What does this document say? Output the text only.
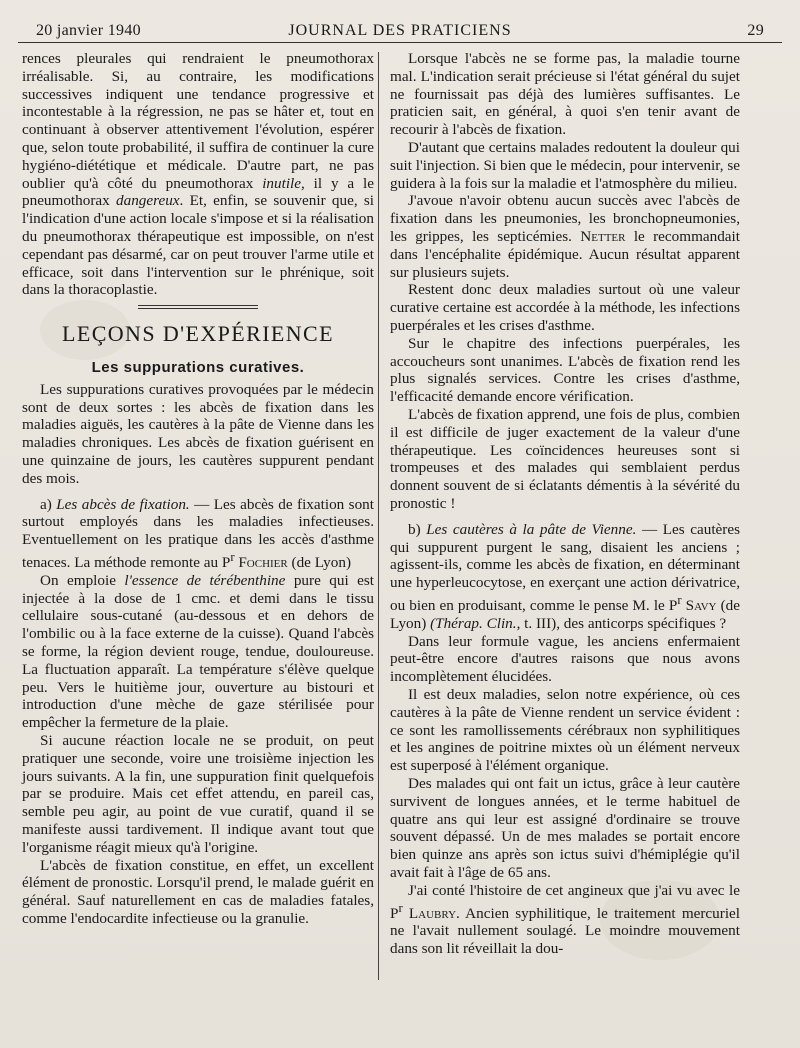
20 janvier 1940	JOURNAL DES PRATICIENS	29

rences pleurales qui rendraient le pneumothorax irréalisable. Si, au contraire, les modifications successives indiquent une tendance progressive et incontestable à la régression, ne pas se hâter et, tout en continuant à observer attentivement l'évolution, espérer que, selon toute probabilité, il suffira de continuer la cure hygiéno-diététique et médicale. D'autre part, ne pas oublier qu'à côté du pneumothorax inutile, il y a le pneumothorax dangereux. Et, enfin, se souvenir que, si l'indication d'une action locale s'impose et si la réalisation du pneumothorax thérapeutique est impossible, on n'est cependant pas désarmé, car on peut trouver l'arme utile et efficace, soit dans l'intervention sur le phrénique, soit dans la thoracoplastie.

LEÇONS D'EXPÉRIENCE
Les suppurations curatives.

Les suppurations curatives provoquées par le médecin sont de deux sortes : les abcès de fixation dans les maladies aiguës, les cautères à la pâte de Vienne dans les maladies chroniques. Les abcès de fixation guérisent en une quinzaine de jours, les cautères suppurent pendant des mois.

a) Les abcès de fixation. — Les abcès de fixation sont surtout employés dans les maladies infectieuses. Eventuellement on les pratique dans les accès d'asthme tenaces. La méthode remonte au $P^r$ Fochier (de Lyon)

On emploie l'essence de térébenthine pure qui est injectée à la dose de 1 cmc. et demi dans le tissu cellulaire sous-cutané (au-dessous et en dehors de l'ombilic ou à la face externe de la cuisse). Quand l'abcès se forme, la région devient rouge, tendue, douloureuse. La fluctuation apparaît. La température s'élève quelque peu. Vers le huitième jour, ouverture au bistouri et introduction d'une mèche de gaze stérilisée pour empêcher la fermeture de la plaie.

Si aucune réaction locale ne se produit, on peut pratiquer une seconde, voire une troisième injection les jours suivants. A la fin, une suppuration finit quelquefois par se produire. Mais cet effet attendu, en pareil cas, semble peu agir, au point de vue curatif, quand il se manifeste aussi tardivement. Il indique avant tout que l'organisme réagit mieux qu'à l'origine.

L'abcès de fixation constitue, en effet, un excellent élément de pronostic. Lorsqu'il prend, le malade guérit en général. Sauf naturellement en cas de maladies fatales, comme l'endocardite infectieuse ou la granulie.

Lorsque l'abcès ne se forme pas, la maladie tourne mal. L'indication serait précieuse si l'état général du sujet ne fournissait pas déjà des lumières suffisantes. Le praticien sait, en général, à quoi s'en tenir avant de recourir à l'abcès de fixation.

D'autant que certains malades redoutent la douleur qui suit l'injection. Si bien que le médecin, pour intervenir, se guidera à la fois sur la maladie et l'atmosphère du milieu.

J'avoue n'avoir obtenu aucun succès avec l'abcès de fixation dans les pneumonies, les bronchopneumonies, les grippes, les septicémies. Netter le recommandait dans l'encéphalite épidémique. Aucun résultat apparent sur plusieurs sujets.

Restent donc deux maladies surtout où une valeur curative certaine est accordée à la méthode, les infections puerpérales et les crises d'asthme.

Sur le chapitre des infections puerpérales, les accoucheurs sont unanimes. L'abcès de fixation rend les plus signalés services. Contre les crises d'asthme, l'efficacité demande encore vérification.

L'abcès de fixation apprend, une fois de plus, combien il est difficile de juger exactement de la valeur d'une thérapeutique. Les coïncidences heureuses sont si trompeuses et des malades qui semblaient perdus donnent souvent de si éclatants démentis à la sévérité du pronostic !

b) Les cautères à la pâte de Vienne. — Les cautères qui suppurent purgent le sang, disaient les anciens ; agissent-ils, comme les abcès de fixation, en déterminant une hyperleucocytose, en exerçant une action dérivatrice, ou bien en produisant, comme le pense M. le $P^r$ Savy (de Lyon) (Thérap. Clin., t. III), des anticorps spécifiques ?

Dans leur formule vague, les anciens enfermaient peut-être encore d'autres raisons que nous avons incomplètement élucidées.

Il est deux maladies, selon notre expérience, où ces cautères à la pâte de Vienne rendent un service évident : ce sont les ramollissements cérébraux non syphilitiques et les angines de poitrine mixtes où un élément nerveux est superposé à l'élément organique.

Des malades qui ont fait un ictus, grâce à leur cautère survivent de longues années, et le terme habituel de quatre ans qui leur est assigné d'ordinaire se trouve souvent dépassé. Un de mes malades se portait encore bien quinze ans après son ictus suivi d'hémiplégie qu'il avait fait à l'âge de 65 ans.

J'ai conté l'histoire de cet angineux que j'ai vu avec le $P^r$ Laubry. Ancien syphilitique, le traitement mercuriel ne l'avait nullement soulagé. Le moindre mouvement dans son lit réveillait la dou-
